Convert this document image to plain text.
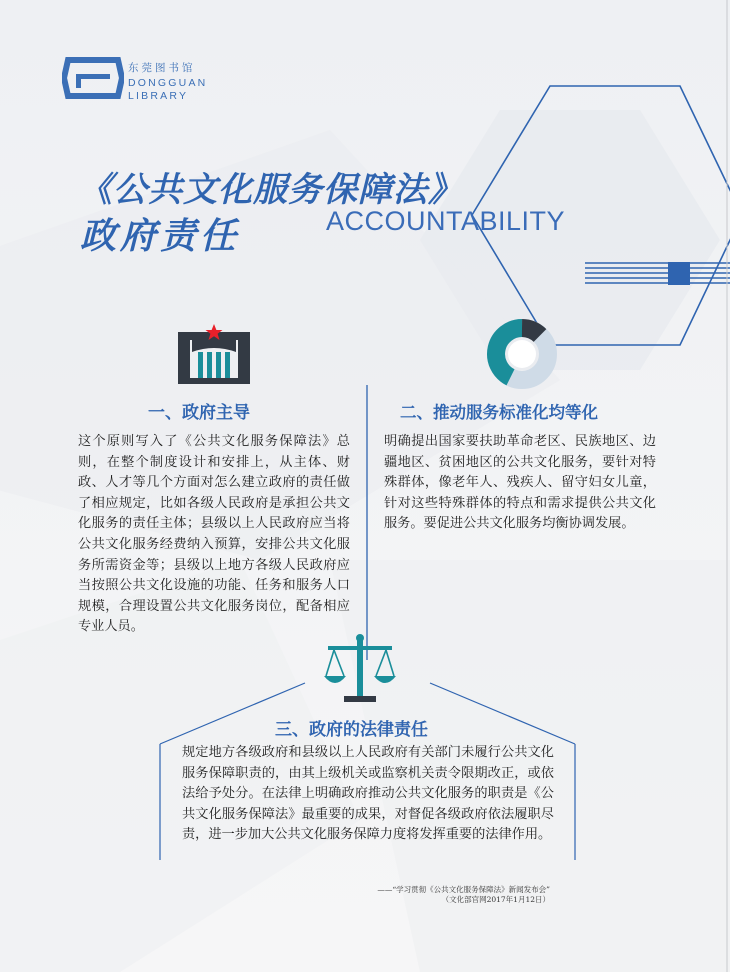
东莞图书馆
DONGGUAN
LIBRARY
《公共文化服务保障法》
政府责任	ACCOUNTABILITY
一、政府主导	二、推动服务标准化均等化
三、政府的法律责任
这个原则写入了《公共文化服务保障法》总则，在整个制度设计和安排上，从主体、财政、人才等几个方面对怎么建立政府的责任做了相应规定，比如各级人民政府是承担公共文化服务的责任主体；县级以上人民政府应当将公共文化服务经费纳入预算，安排公共文化服务所需资金等；县级以上地方各级人民政府应当按照公共文化设施的功能、任务和服务人口规模，合理设置公共文化服务岗位，配备相应专业人员。
明确提出国家要扶助革命老区、民族地区、边疆地区、贫困地区的公共文化服务，要针对特殊群体，像老年人、残疾人、留守妇女儿童，针对这些特殊群体的特点和需求提供公共文化服务。要促进公共文化服务均衡协调发展。
规定地方各级政府和县级以上人民政府有关部门未履行公共文化服务保障职责的，由其上级机关或监察机关责令限期改正，或依法给予处分。在法律上明确政府推动公共文化服务的职责是《公共文化服务保障法》最重要的成果，对督促各级政府依法履职尽责，进一步加大公共文化服务保障力度将发挥重要的法律作用。
——“学习贯彻《公共文化服务保障法》新闻发布会”
（文化部官网2017年1月12日）
